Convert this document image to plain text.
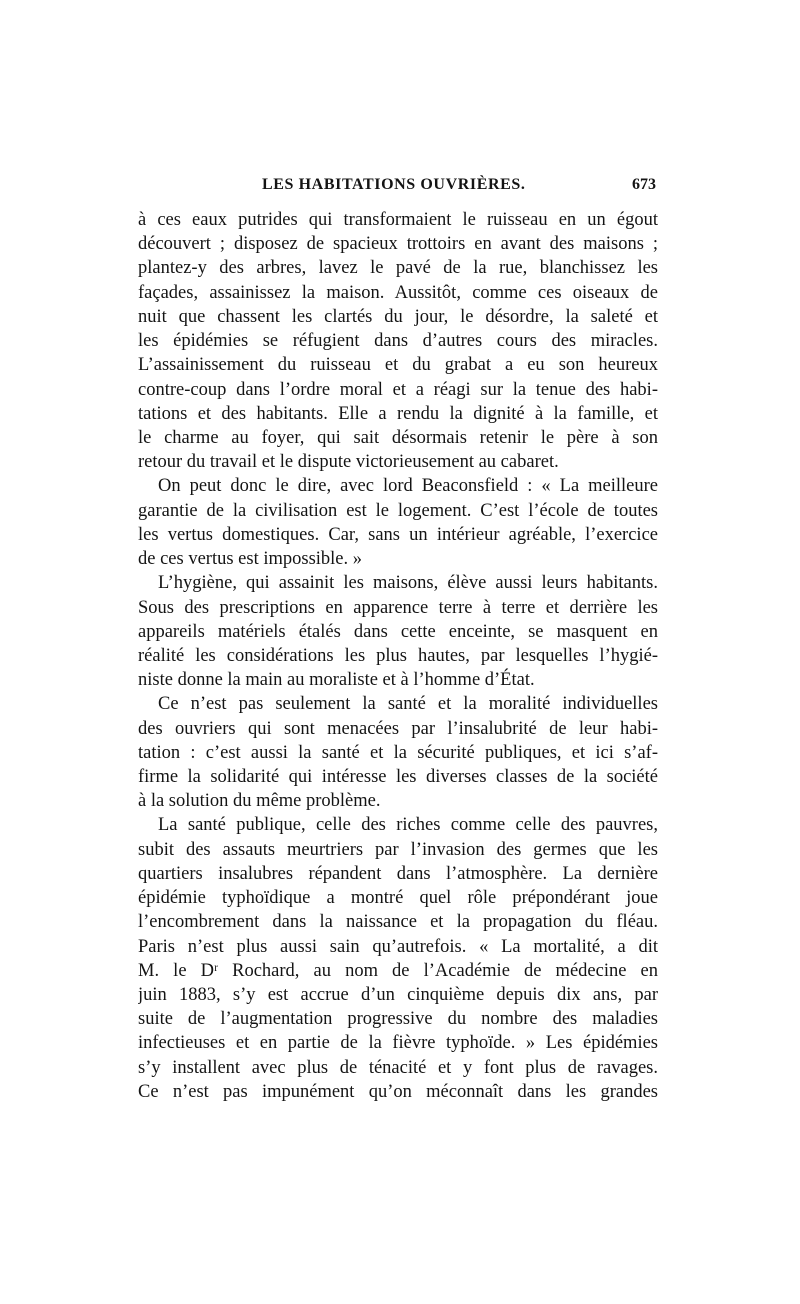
LES HABITATIONS OUVRIÈRES.	673
à ces eaux putrides qui transformaient le ruisseau en un égout
découvert ; disposez de spacieux trottoirs en avant des maisons ;
plantez-y des arbres, lavez le pavé de la rue, blanchissez les
façades, assainissez la maison. Aussitôt, comme ces oiseaux de
nuit que chassent les clartés du jour, le désordre, la saleté et
les épidémies se réfugient dans d’autres cours des miracles.
L’assainissement du ruisseau et du grabat a eu son heureux
contre-coup dans l’ordre moral et a réagi sur la tenue des habi-
tations et des habitants. Elle a rendu la dignité à la famille, et
le charme au foyer, qui sait désormais retenir le père à son
retour du travail et le dispute victorieusement au cabaret.
On peut donc le dire, avec lord Beaconsfield : « La meilleure
garantie de la civilisation est le logement. C’est l’école de toutes
les vertus domestiques. Car, sans un intérieur agréable, l’exercice
de ces vertus est impossible. »
L’hygiène, qui assainit les maisons, élève aussi leurs habitants.
Sous des prescriptions en apparence terre à terre et derrière les
appareils matériels étalés dans cette enceinte, se masquent en
réalité les considérations les plus hautes, par lesquelles l’hygié-
niste donne la main au moraliste et à l’homme d’État.
Ce n’est pas seulement la santé et la moralité individuelles
des ouvriers qui sont menacées par l’insalubrité de leur habi-
tation : c’est aussi la santé et la sécurité publiques, et ici s’af-
firme la solidarité qui intéresse les diverses classes de la société
à la solution du même problème.
La santé publique, celle des riches comme celle des pauvres,
subit des assauts meurtriers par l’invasion des germes que les
quartiers insalubres répandent dans l’atmosphère. La dernière
épidémie typhoïdique a montré quel rôle prépondérant joue
l’encombrement dans la naissance et la propagation du fléau.
Paris n’est plus aussi sain qu’autrefois. « La mortalité, a dit
M. le Dʳ Rochard, au nom de l’Académie de médecine en
juin 1883, s’y est accrue d’un cinquième depuis dix ans, par
suite de l’augmentation progressive du nombre des maladies
infectieuses et en partie de la fièvre typhoïde. » Les épidémies
s’y installent avec plus de ténacité et y font plus de ravages.
Ce n’est pas impunément qu’on méconnaît dans les grandes
